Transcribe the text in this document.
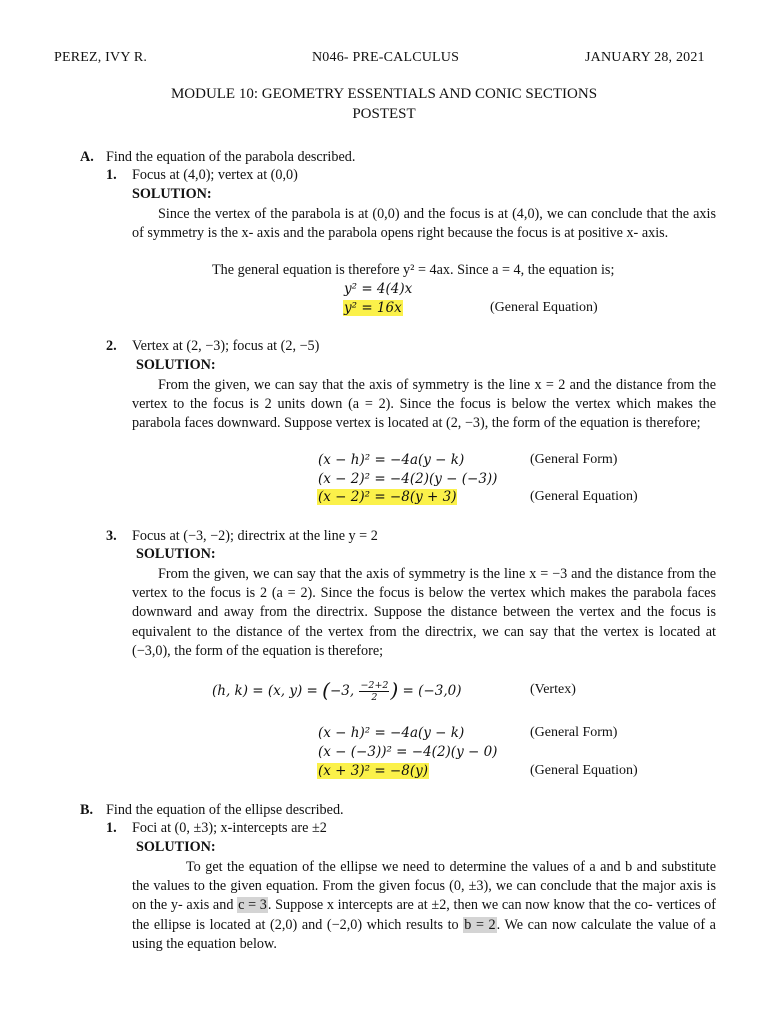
PEREZ, IVY R.	N046- PRE-CALCULUS	JANUARY 28, 2021
MODULE 10: GEOMETRY ESSENTIALS AND CONIC SECTIONS
POSTEST
A. Find the equation of the parabola described.
1. Focus at (4,0); vertex at (0,0)
SOLUTION:
Since the vertex of the parabola is at (0,0) and the focus is at (4,0), we can conclude that the axis of symmetry is the x- axis and the parabola opens right because the focus is at positive x- axis.
The general equation is therefore y² = 4ax. Since a = 4, the equation is;
y² = 4(4)x
y² = 16x	(General Equation)
2. Vertex at (2, −3); focus at (2, −5)
SOLUTION:
From the given, we can say that the axis of symmetry is the line x = 2 and the distance from the vertex to the focus is 2 units down (a = 2). Since the focus is below the vertex which makes the parabola faces downward. Suppose vertex is located at (2, −3), the form of the equation is therefore;
(x − h)² = −4a(y − k)	(General Form)
(x − 2)² = −4(2)(y − (−3))
(x − 2)² = −8(y + 3)	(General Equation)
3. Focus at (−3, −2); directrix at the line y = 2
SOLUTION:
From the given, we can say that the axis of symmetry is the line x = −3 and the distance from the vertex to the focus is 2 (a = 2). Since the focus is below the vertex which makes the parabola faces downward and away from the directrix. Suppose the distance between the vertex and the focus is equivalent to the distance of the vertex from the directrix, we can say that the vertex is located at (−3,0), the form of the equation is therefore;
(h, k) = (x, y) = (−3, $\frac{-2+2}{2}$ ) = (−3,0)	(Vertex)
(x − h)² = −4a(y − k)	(General Form)
(x − (−3))² = −4(2)(y − 0)
(x + 3)² = −8(y)	(General Equation)
B. Find the equation of the ellipse described.
1. Foci at (0, ±3); x-intercepts are ±2
SOLUTION:
To get the equation of the ellipse we need to determine the values of a and b and substitute the values to the given equation. From the given focus (0, ±3), we can conclude that the major axis is on the y- axis and c = 3. Suppose x intercepts are at ±2, then we can now know that the co- vertices of the ellipse is located at (2,0) and (−2,0) which results to b = 2. We can now calculate the value of a using the equation below.
